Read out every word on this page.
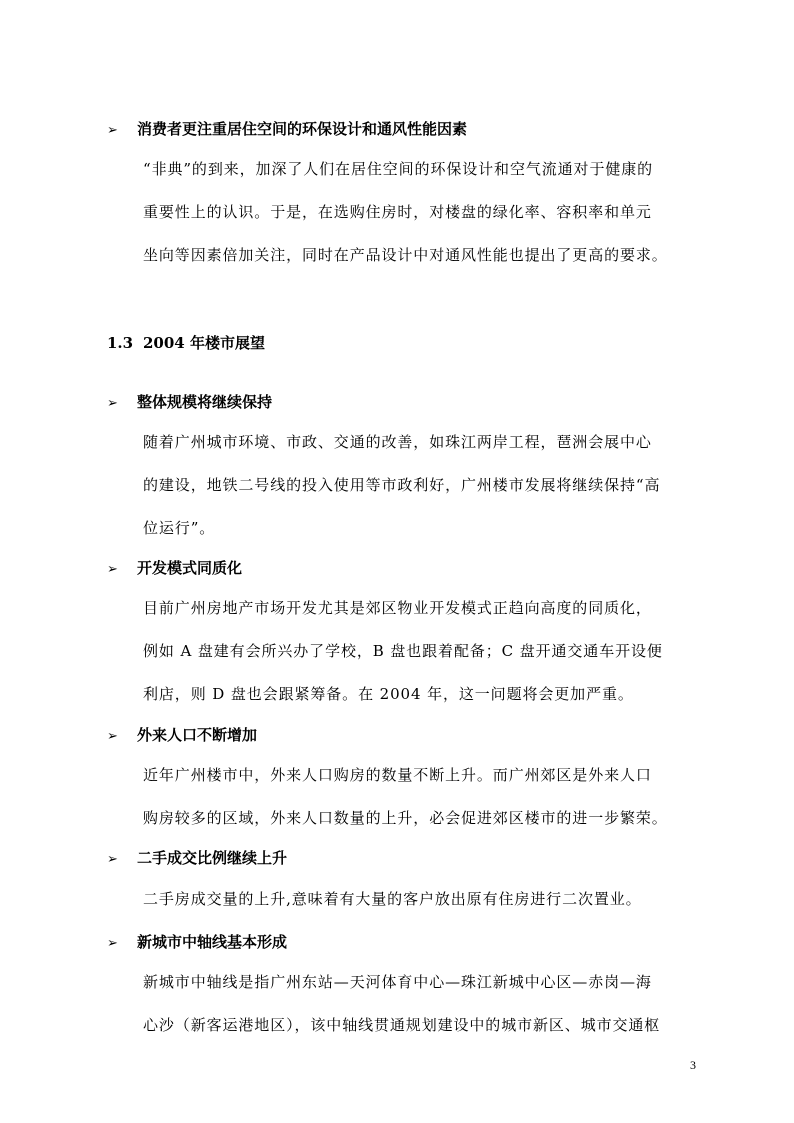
➢ 消费者更注重居住空间的环保设计和通风性能因素
“非典”的到来，加深了人们在居住空间的环保设计和空气流通对于健康的
重要性上的认识。于是，在选购住房时，对楼盘的绿化率、容积率和单元
坐向等因素倍加关注，同时在产品设计中对通风性能也提出了更高的要求。
1.3 2004 年楼市展望
➢ 整体规模将继续保持
随着广州城市环境、市政、交通的改善，如珠江两岸工程，琶洲会展中心
的建设，地铁二号线的投入使用等市政利好，广州楼市发展将继续保持“高
位运行”。
➢ 开发模式同质化
目前广州房地产市场开发尤其是郊区物业开发模式正趋向高度的同质化，
例如 A 盘建有会所兴办了学校，B 盘也跟着配备；C 盘开通交通车开设便
利店，则 D 盘也会跟紧筹备。在 2004 年，这一问题将会更加严重。
➢ 外来人口不断增加
近年广州楼市中，外来人口购房的数量不断上升。而广州郊区是外来人口
购房较多的区域，外来人口数量的上升，必会促进郊区楼市的进一步繁荣。
➢ 二手成交比例继续上升
二手房成交量的上升,意味着有大量的客户放出原有住房进行二次置业。
➢ 新城市中轴线基本形成
新城市中轴线是指广州东站—天河体育中心—珠江新城中心区—赤岗—海
心沙（新客运港地区），该中轴线贯通规划建设中的城市新区、城市交通枢
3
